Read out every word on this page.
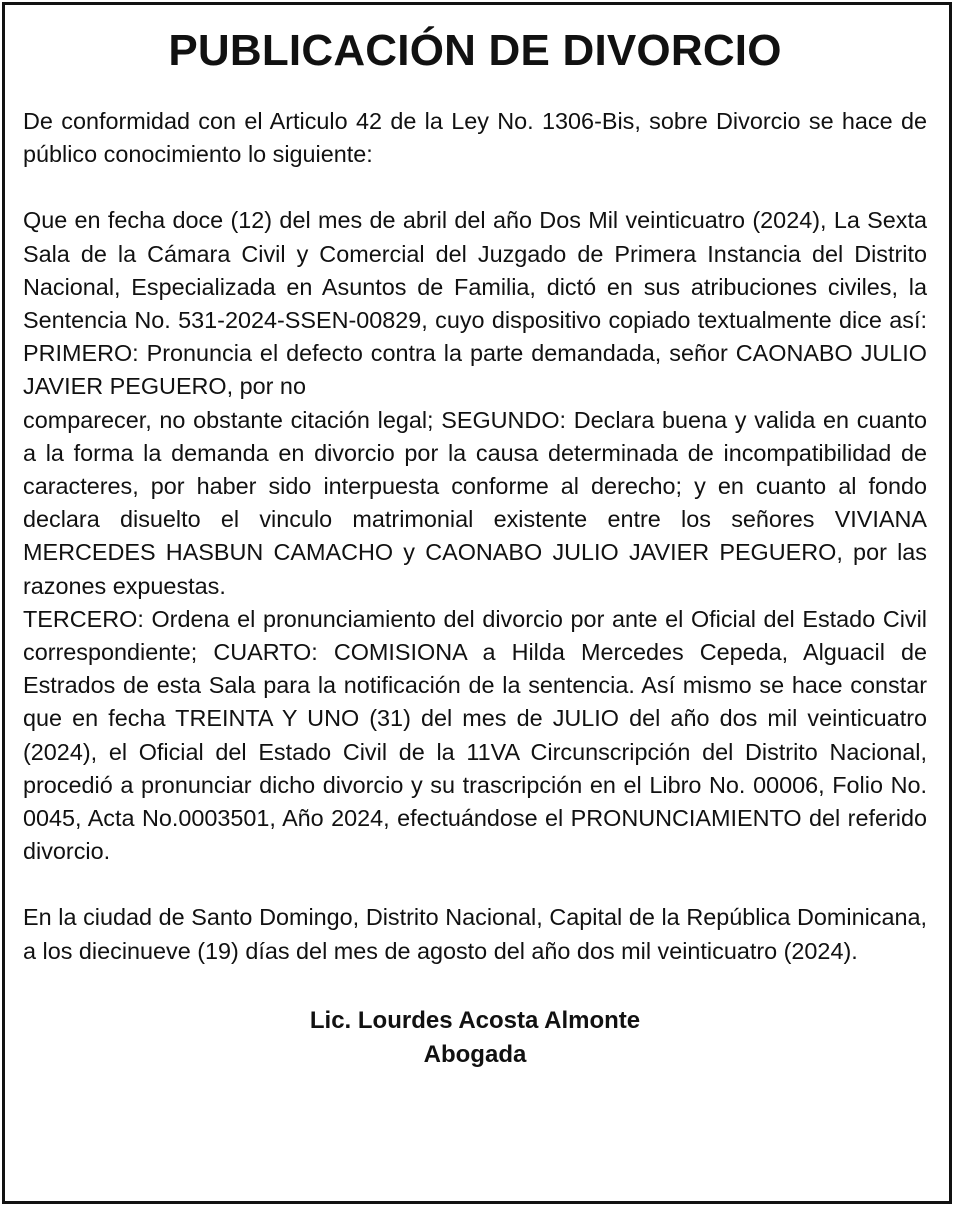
PUBLICACIÓN DE DIVORCIO

De conformidad con el Articulo 42 de la Ley No. 1306-Bis, sobre Divorcio se hace de público conocimiento lo siguiente:

Que en fecha doce (12) del mes de abril del año Dos Mil veinticuatro (2024), La Sexta Sala de la Cámara Civil y Comercial del Juzgado de Primera Instancia del Distrito Nacional, Especializada en Asuntos de Familia, dictó en sus atribuciones civiles, la Sentencia No. 531-2024-SSEN-00829, cuyo dispositivo copiado textualmente dice así: PRIMERO: Pronuncia el defecto contra la parte demandada, señor CAONABO JULIO JAVIER PEGUERO, por no
comparecer, no obstante citación legal; SEGUNDO: Declara buena y valida en cuanto a la forma la demanda en divorcio por la causa determinada de incompatibilidad de caracteres, por haber sido interpuesta conforme al derecho; y en cuanto al fondo declara disuelto el vinculo matrimonial existente entre los señores VIVIANA MERCEDES HASBUN CAMACHO y CAONABO JULIO JAVIER PEGUERO, por las razones expuestas.
TERCERO: Ordena el pronunciamiento del divorcio por ante el Oficial del Estado Civil correspondiente; CUARTO: COMISIONA a Hilda Mercedes Cepeda, Alguacil de Estrados de esta Sala para la notificación de la sentencia. Así mismo se hace constar que en fecha TREINTA Y UNO (31) del mes de JULIO del año dos mil veinticuatro (2024), el Oficial del Estado Civil de la 11VA Circunscripción del Distrito Nacional, procedió a pronunciar dicho divorcio y su trascripción en el Libro No. 00006, Folio No. 0045, Acta No.0003501, Año 2024, efectuándose el PRONUNCIAMIENTO del referido divorcio.

En la ciudad de Santo Domingo, Distrito Nacional, Capital de la República Dominicana, a los diecinueve (19) días del mes de agosto del año dos mil veinticuatro (2024).

Lic. Lourdes Acosta Almonte
Abogada
